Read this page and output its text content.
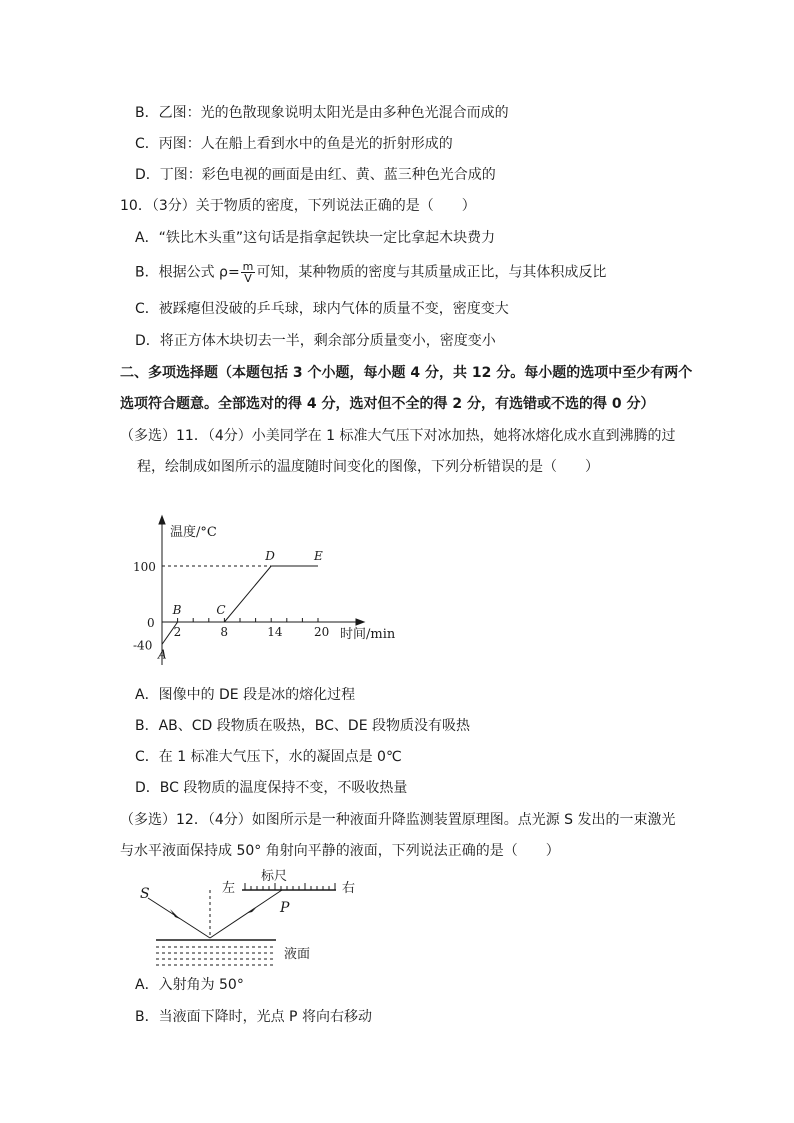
B．乙图：光的色散现象说明太阳光是由多种色光混合而成的
C．丙图：人在船上看到水中的鱼是光的折射形成的
D．丁图：彩色电视的画面是由红、黄、蓝三种色光合成的
10．（3分）关于物质的密度，下列说法正确的是（　　）
A．“铁比木头重”这句话是指拿起铁块一定比拿起木块费力
B．根据公式 $\rho= \frac{m}{V}$ 可知，某种物质的密度与其质量成正比，与其体积成反比
C．被踩瘪但没破的乒乓球，球内气体的质量不变，密度变大
D．将正方体木块切去一半，剩余部分质量变小，密度变小
二、多项选择题（本题包括 3 个小题，每小题 4 分，共 12 分。每小题的选项中至少有两个
选项符合题意。全部选对的得 4 分，选对但不全的得 2 分，有选错或不选的得 0 分）
（多选）11．（4分）小美同学在 1 标准大气压下对冰加热，她将冰熔化成水直到沸腾的过
程，绘制成如图所示的温度随时间变化的图像，下列分析错误的是（　　）
温度/°C
时间/min
2	8	14	20
100
0
-40
A
B	C
D	E
A．图像中的 DE 段是冰的熔化过程
B．AB、CD 段物质在吸热，BC、DE 段物质没有吸热
C．在 1 标准大气压下，水的凝固点是 0℃
D．BC 段物质的温度保持不变，不吸收热量
（多选）12．（4分）如图所示是一种液面升降监测装置原理图。点光源 S 发出的一束激光
与水平液面保持成 50° 角射向平静的液面，下列说法正确的是（　　）
S	左
标尺
右
P
液面
A．入射角为 50°
B．当液面下降时，光点 P 将向右移动
